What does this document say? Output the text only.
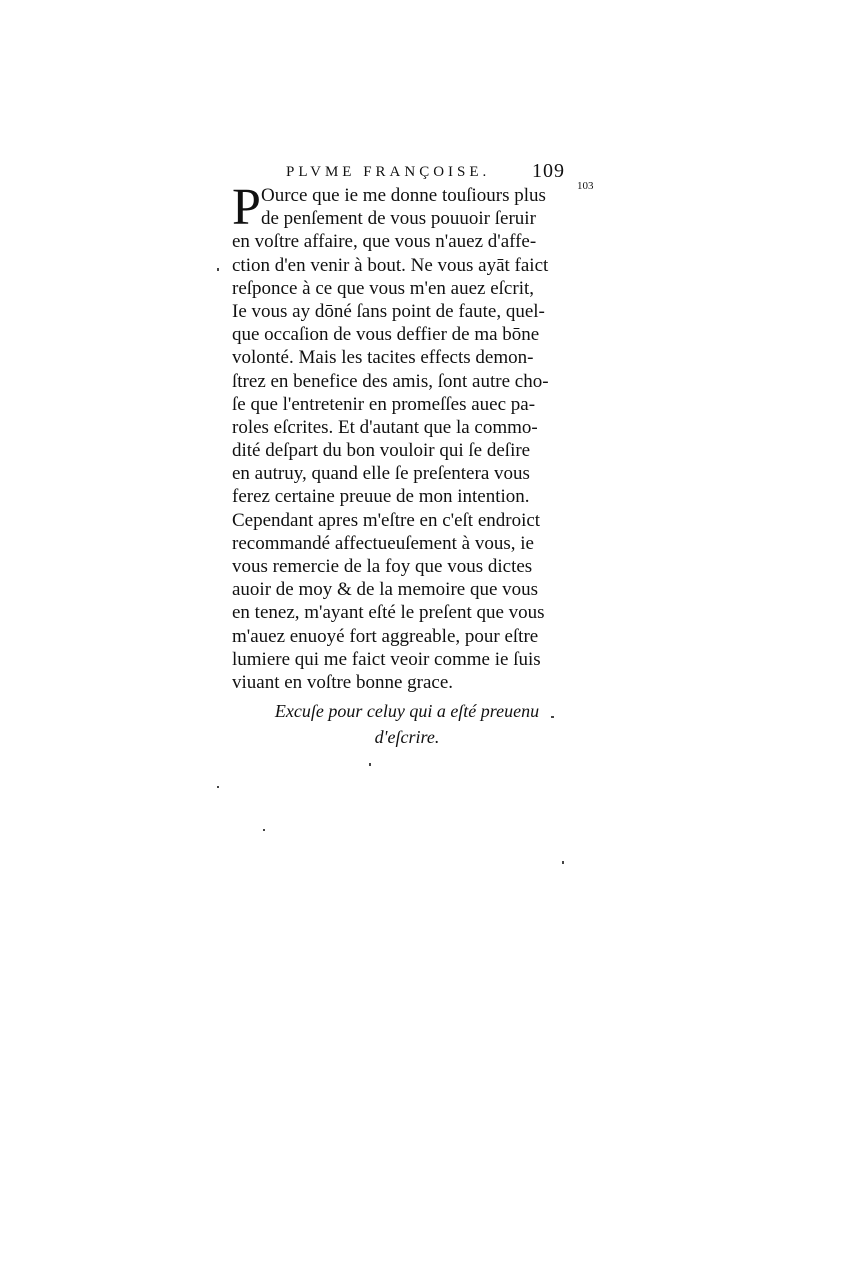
PLVME FRANÇOISE. 109
103
P Ource que ie me donne touſiours plus
de penſement de vous pouuoir ſeruir
en voſtre affaire, que vous n'auez d'affe-
ction d'en venir à bout. Ne vous ayāt faict
reſponce à ce que vous m'en auez eſcrit,
Ie vous ay dōné ſans point de faute, quel-
que occaſion de vous deffier de ma bōne
volonté. Mais les tacites effects demon-
ſtrez en benefice des amis, ſont autre cho-
ſe que l'entretenir en promeſſes auec pa-
roles eſcrites. Et d'autant que la commo-
dité deſpart du bon vouloir qui ſe deſire
en autruy, quand elle ſe preſentera vous
ferez certaine preuue de mon intention.
Cependant apres m'eſtre en c'eſt endroict
recommandé affectueuſement à vous, ie
vous remercie de la foy que vous dictes
auoir de moy & de la memoire que vous
en tenez, m'ayant eſté le preſent que vous
m'auez enuoyé fort aggreable, pour eſtre
lumiere qui me faict veoir comme ie ſuis
viuant en voſtre bonne grace.
Excuſe pour celuy qui a eſté preuenu
d'eſcrire.
